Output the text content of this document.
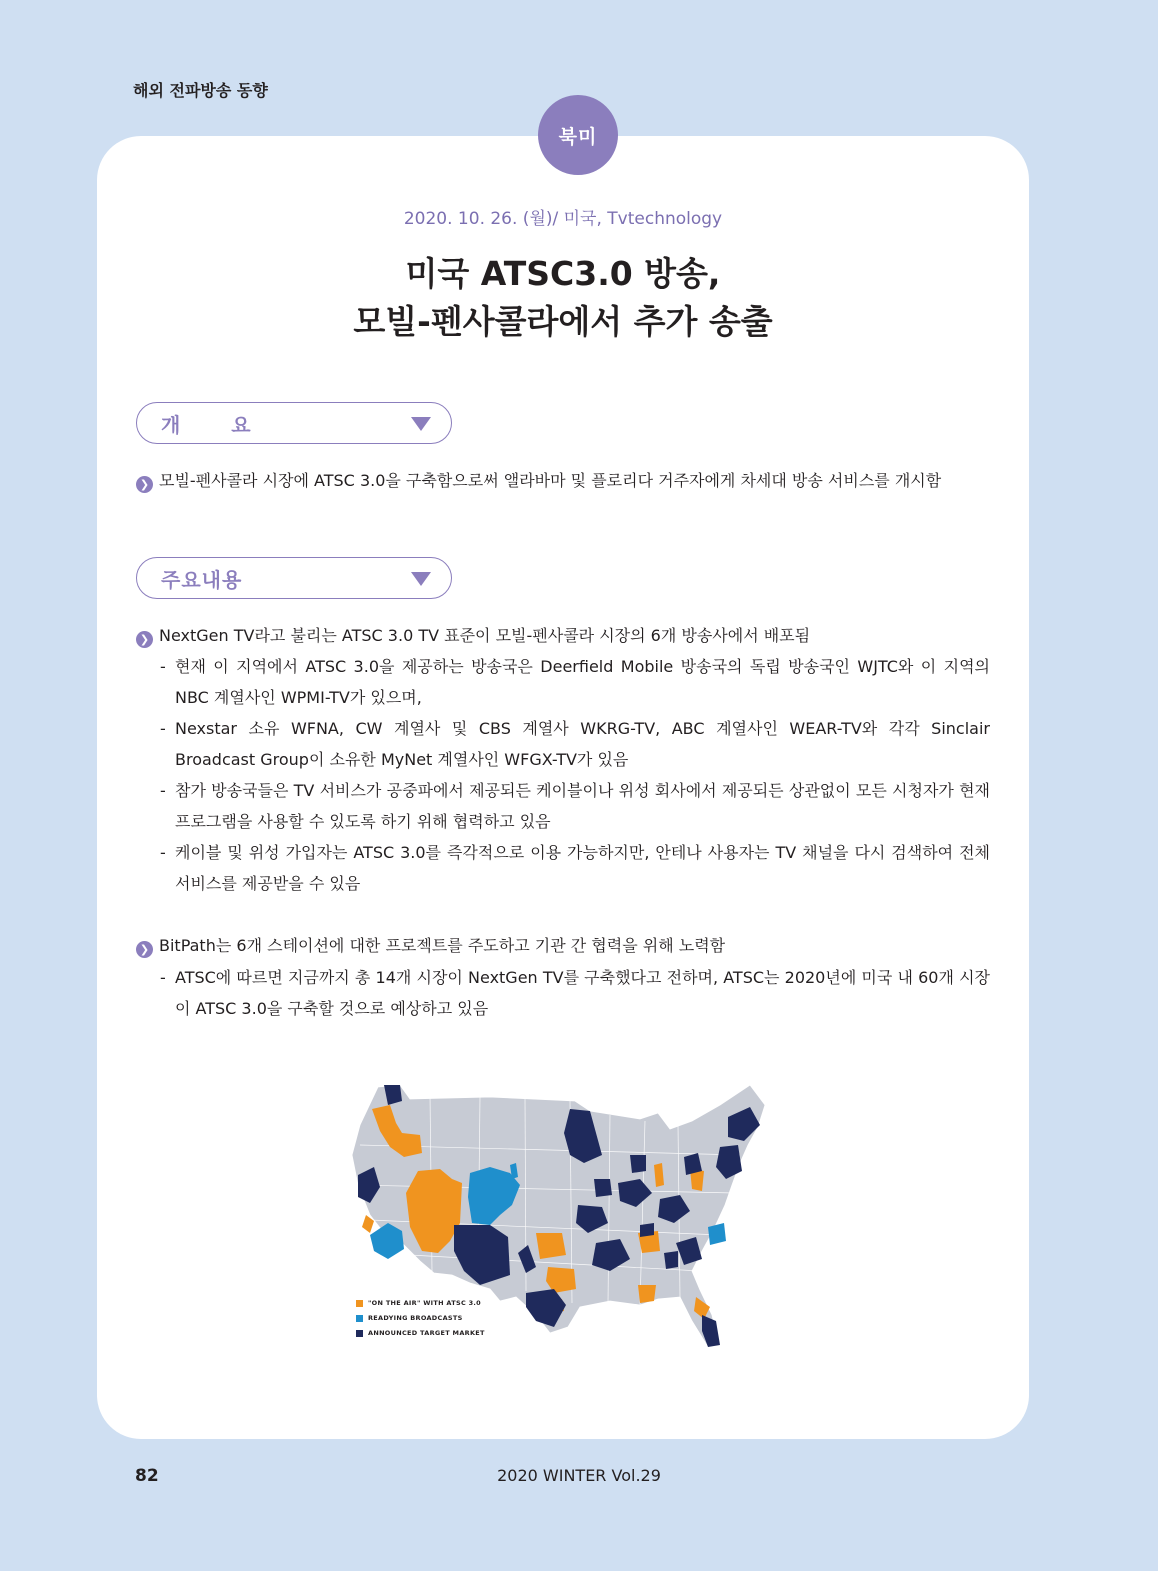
해외 전파방송 동향
북미
2020. 10. 26. (월)/ 미국, Tvtechnology
미국 ATSC3.0 방송,
모빌-펜사콜라에서 추가 송출
개 요
❯ 모빌-펜사콜라 시장에 ATSC 3.0을 구축함으로써 앨라바마 및 플로리다 거주자에게 차세대 방송 서비스를 개시함
주요내용
❯ NextGen TV라고 불리는 ATSC 3.0 TV 표준이 모빌-펜사콜라 시장의 6개 방송사에서 배포됨
- 현재 이 지역에서 ATSC 3.0을 제공하는 방송국은 Deerfield Mobile 방송국의 독립 방송국인 WJTC와 이 지역의 NBC 계열사인 WPMI-TV가 있으며,
- Nexstar 소유 WFNA, CW 계열사 및 CBS 계열사 WKRG-TV, ABC 계열사인 WEAR-TV와 각각 Sinclair Broadcast Group이 소유한 MyNet 계열사인 WFGX-TV가 있음
- 참가 방송국들은 TV 서비스가 공중파에서 제공되든 케이블이나 위성 회사에서 제공되든 상관없이 모든 시청자가 현재 프로그램을 사용할 수 있도록 하기 위해 협력하고 있음
- 케이블 및 위성 가입자는 ATSC 3.0를 즉각적으로 이용 가능하지만, 안테나 사용자는 TV 채널을 다시 검색하여 전체 서비스를 제공받을 수 있음
❯ BitPath는 6개 스테이션에 대한 프로젝트를 주도하고 기관 간 협력을 위해 노력함
- ATSC에 따르면 지금까지 총 14개 시장이 NextGen TV를 구축했다고 전하며, ATSC는 2020년에 미국 내 60개 시장이 ATSC 3.0을 구축할 것으로 예상하고 있음
"ON THE AIR" WITH ATSC 3.0
READYING BROADCASTS
ANNOUNCED TARGET MARKET
82	2020 WINTER Vol.29
